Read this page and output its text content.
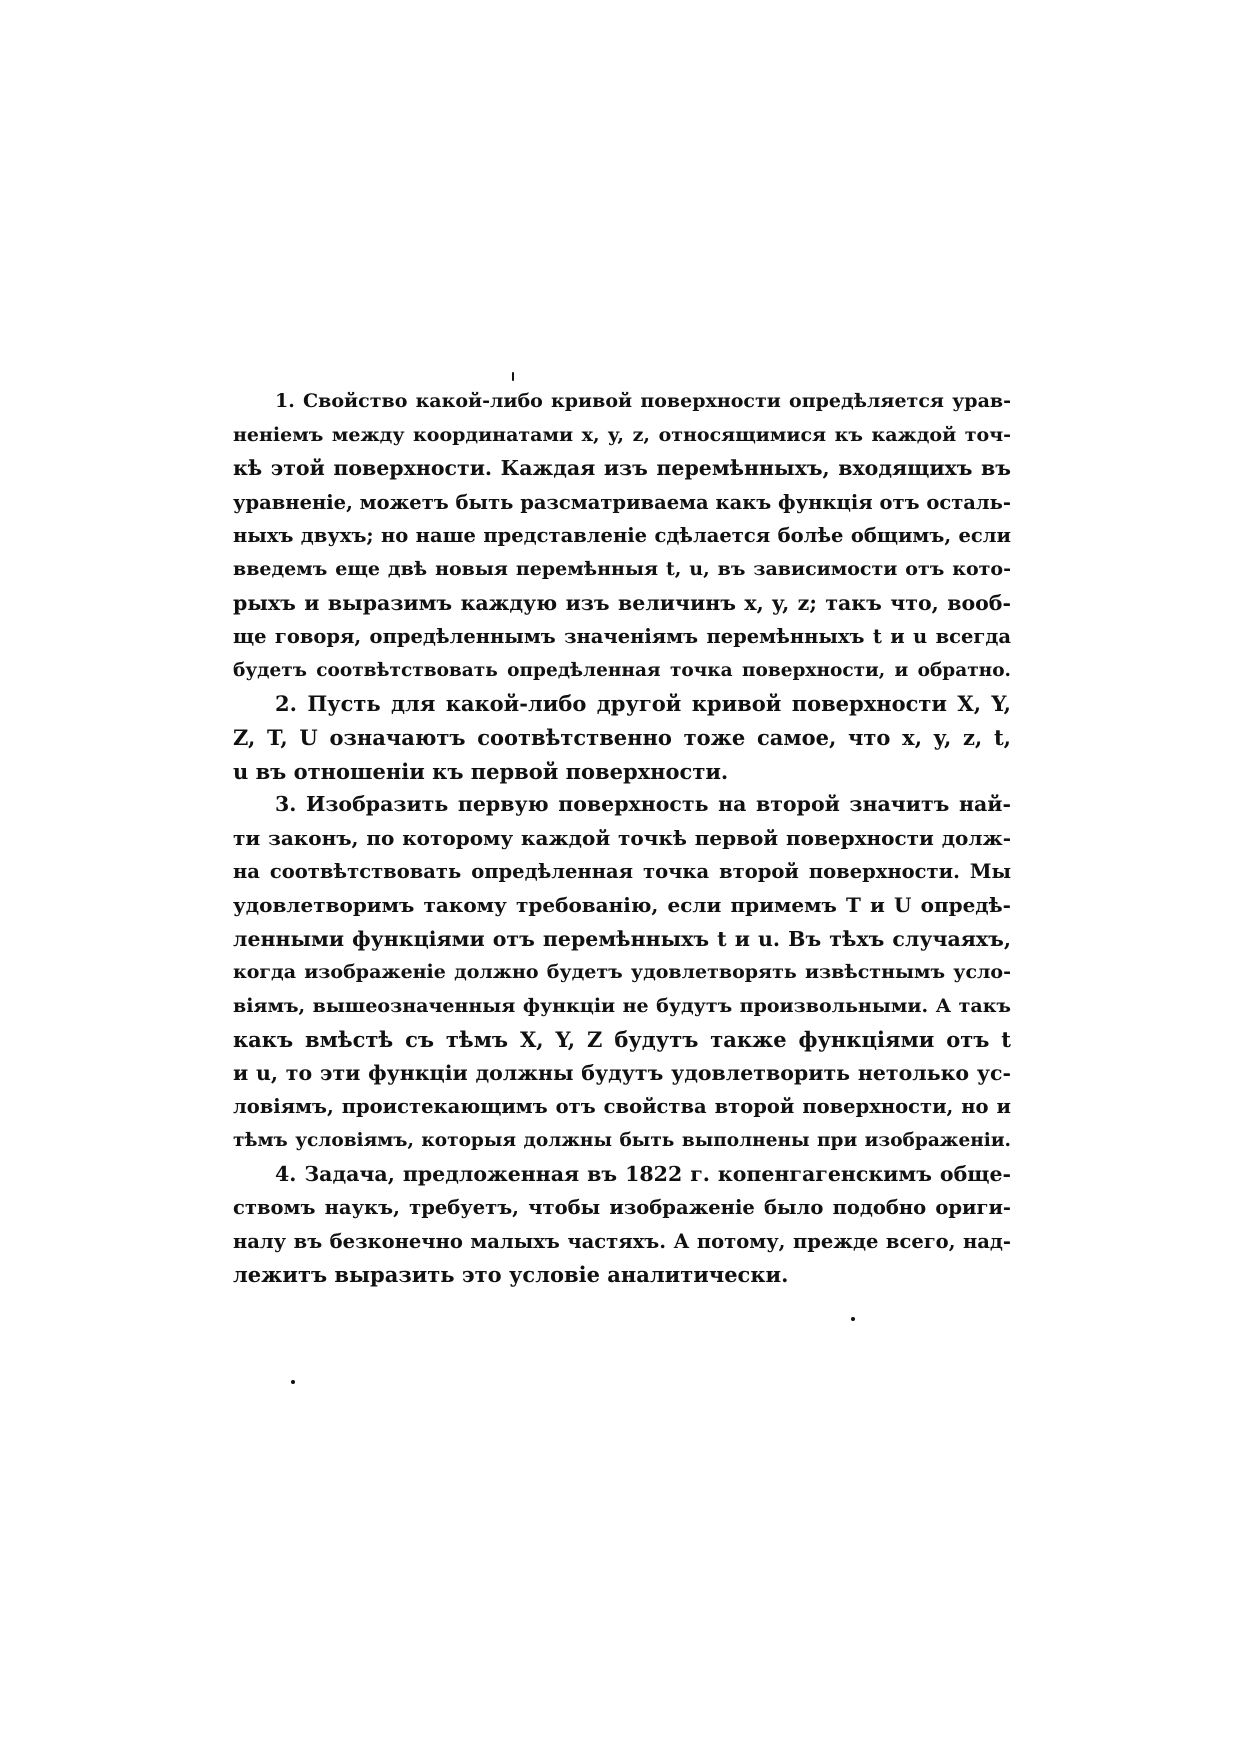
1. Свойство какой-либо кривой поверхности опредѣляется урав-
неніемъ между координатами x, y, z, относящимися къ каждой точ-
кѣ этой поверхности. Каждая изъ перемѣнныхъ, входящихъ въ
уравненіе, можетъ быть разсматриваема какъ функція отъ осталь-
ныхъ двухъ; но наше представленіе сдѣлается болѣе общимъ, если
введемъ еще двѣ новыя перемѣнныя t, u, въ зависимости отъ кото-
рыхъ и выразимъ каждую изъ величинъ x, y, z; такъ что, вооб-
ще говоря, опредѣленнымъ значеніямъ перемѣнныхъ t и u всегда
будетъ соотвѣтствовать опредѣленная точка поверхности, и обратно.
2. Пусть для какой-либо другой кривой поверхности X, Y,
Z, T, U означаютъ соотвѣтственно тоже самое, что x, y, z, t,
u въ отношеніи къ первой поверхности.
3. Изобразить первую поверхность на второй значитъ най-
ти законъ, по которому каждой точкѣ первой поверхности долж-
на соотвѣтствовать опредѣленная точка второй поверхности. Мы
удовлетворимъ такому требованію, если примемъ T и U опредѣ-
ленными функціями отъ перемѣнныхъ t и u. Въ тѣхъ случаяхъ,
когда изображеніе должно будетъ удовлетворять извѣстнымъ усло-
віямъ, вышеозначенныя функціи не будутъ произвольными. А такъ
какъ вмѣстѣ съ тѣмъ X, Y, Z будутъ также функціями отъ t
и u, то эти функціи должны будутъ удовлетворить нетолько ус-
ловіямъ, проистекающимъ отъ свойства второй поверхности, но и
тѣмъ условіямъ, которыя должны быть выполнены при изображеніи.
4. Задача, предложенная въ 1822 г. копенгагенскимъ обще-
ствомъ наукъ, требуетъ, чтобы изображеніе было подобно ориги-
налу въ безконечно малыхъ частяхъ. А потому, прежде всего, над-
лежитъ выразить это условіе аналитически.
